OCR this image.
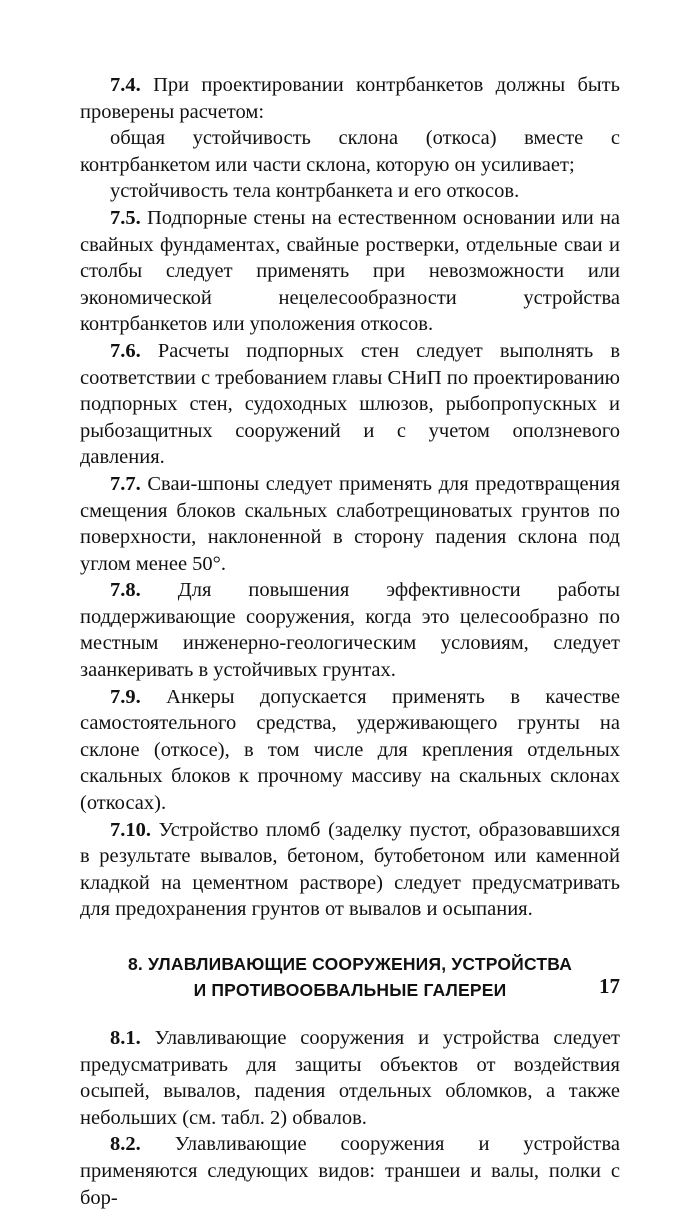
7.4. При проектировании контрбанкетов должны быть проверены расчетом:

общая устойчивость склона (откоса) вместе с контрбанкетом или части склона, которую он усиливает;

устойчивость тела контрбанкета и его откосов.

7.5. Подпорные стены на естественном основании или на свайных фундаментах, свайные ростверки, отдельные сваи и столбы следует применять при невозможности или экономической нецелесообразности устройства контрбанкетов или уположения откосов.

7.6. Расчеты подпорных стен следует выполнять в соответствии с требованием главы СНиП по проектированию подпорных стен, судоходных шлюзов, рыбопропускных и рыбозащитных сооружений и с учетом оползневого давления.

7.7. Сваи-шпоны следует применять для предотвращения смещения блоков скальных слаботрещиноватых грунтов по поверхности, наклоненной в сторону падения склона под углом менее 50°.

7.8. Для повышения эффективности работы поддерживающие сооружения, когда это целесообразно по местным инженерно-геологическим условиям, следует заанкеривать в устойчивых грунтах.

7.9. Анкеры допускается применять в качестве самостоятельного средства, удерживающего грунты на склоне (откосе), в том числе для крепления отдельных скальных блоков к прочному массиву на скальных склонах (откосах).

7.10. Устройство пломб (заделку пустот, образовавшихся в результате вывалов, бетоном, бутобетоном или каменной кладкой на цементном растворе) следует предусматривать для предохранения грунтов от вывалов и осыпания.

8. УЛАВЛИВАЮЩИЕ СООРУЖЕНИЯ, УСТРОЙСТВА
И ПРОТИВООБВАЛЬНЫЕ ГАЛЕРЕИ

8.1. Улавливающие сооружения и устройства следует предусматривать для защиты объектов от воздействия осыпей, вывалов, падения отдельных обломков, а также небольших (см. табл. 2) обвалов.

8.2. Улавливающие сооружения и устройства применяются следующих видов: траншеи и валы, полки с бор-

17
